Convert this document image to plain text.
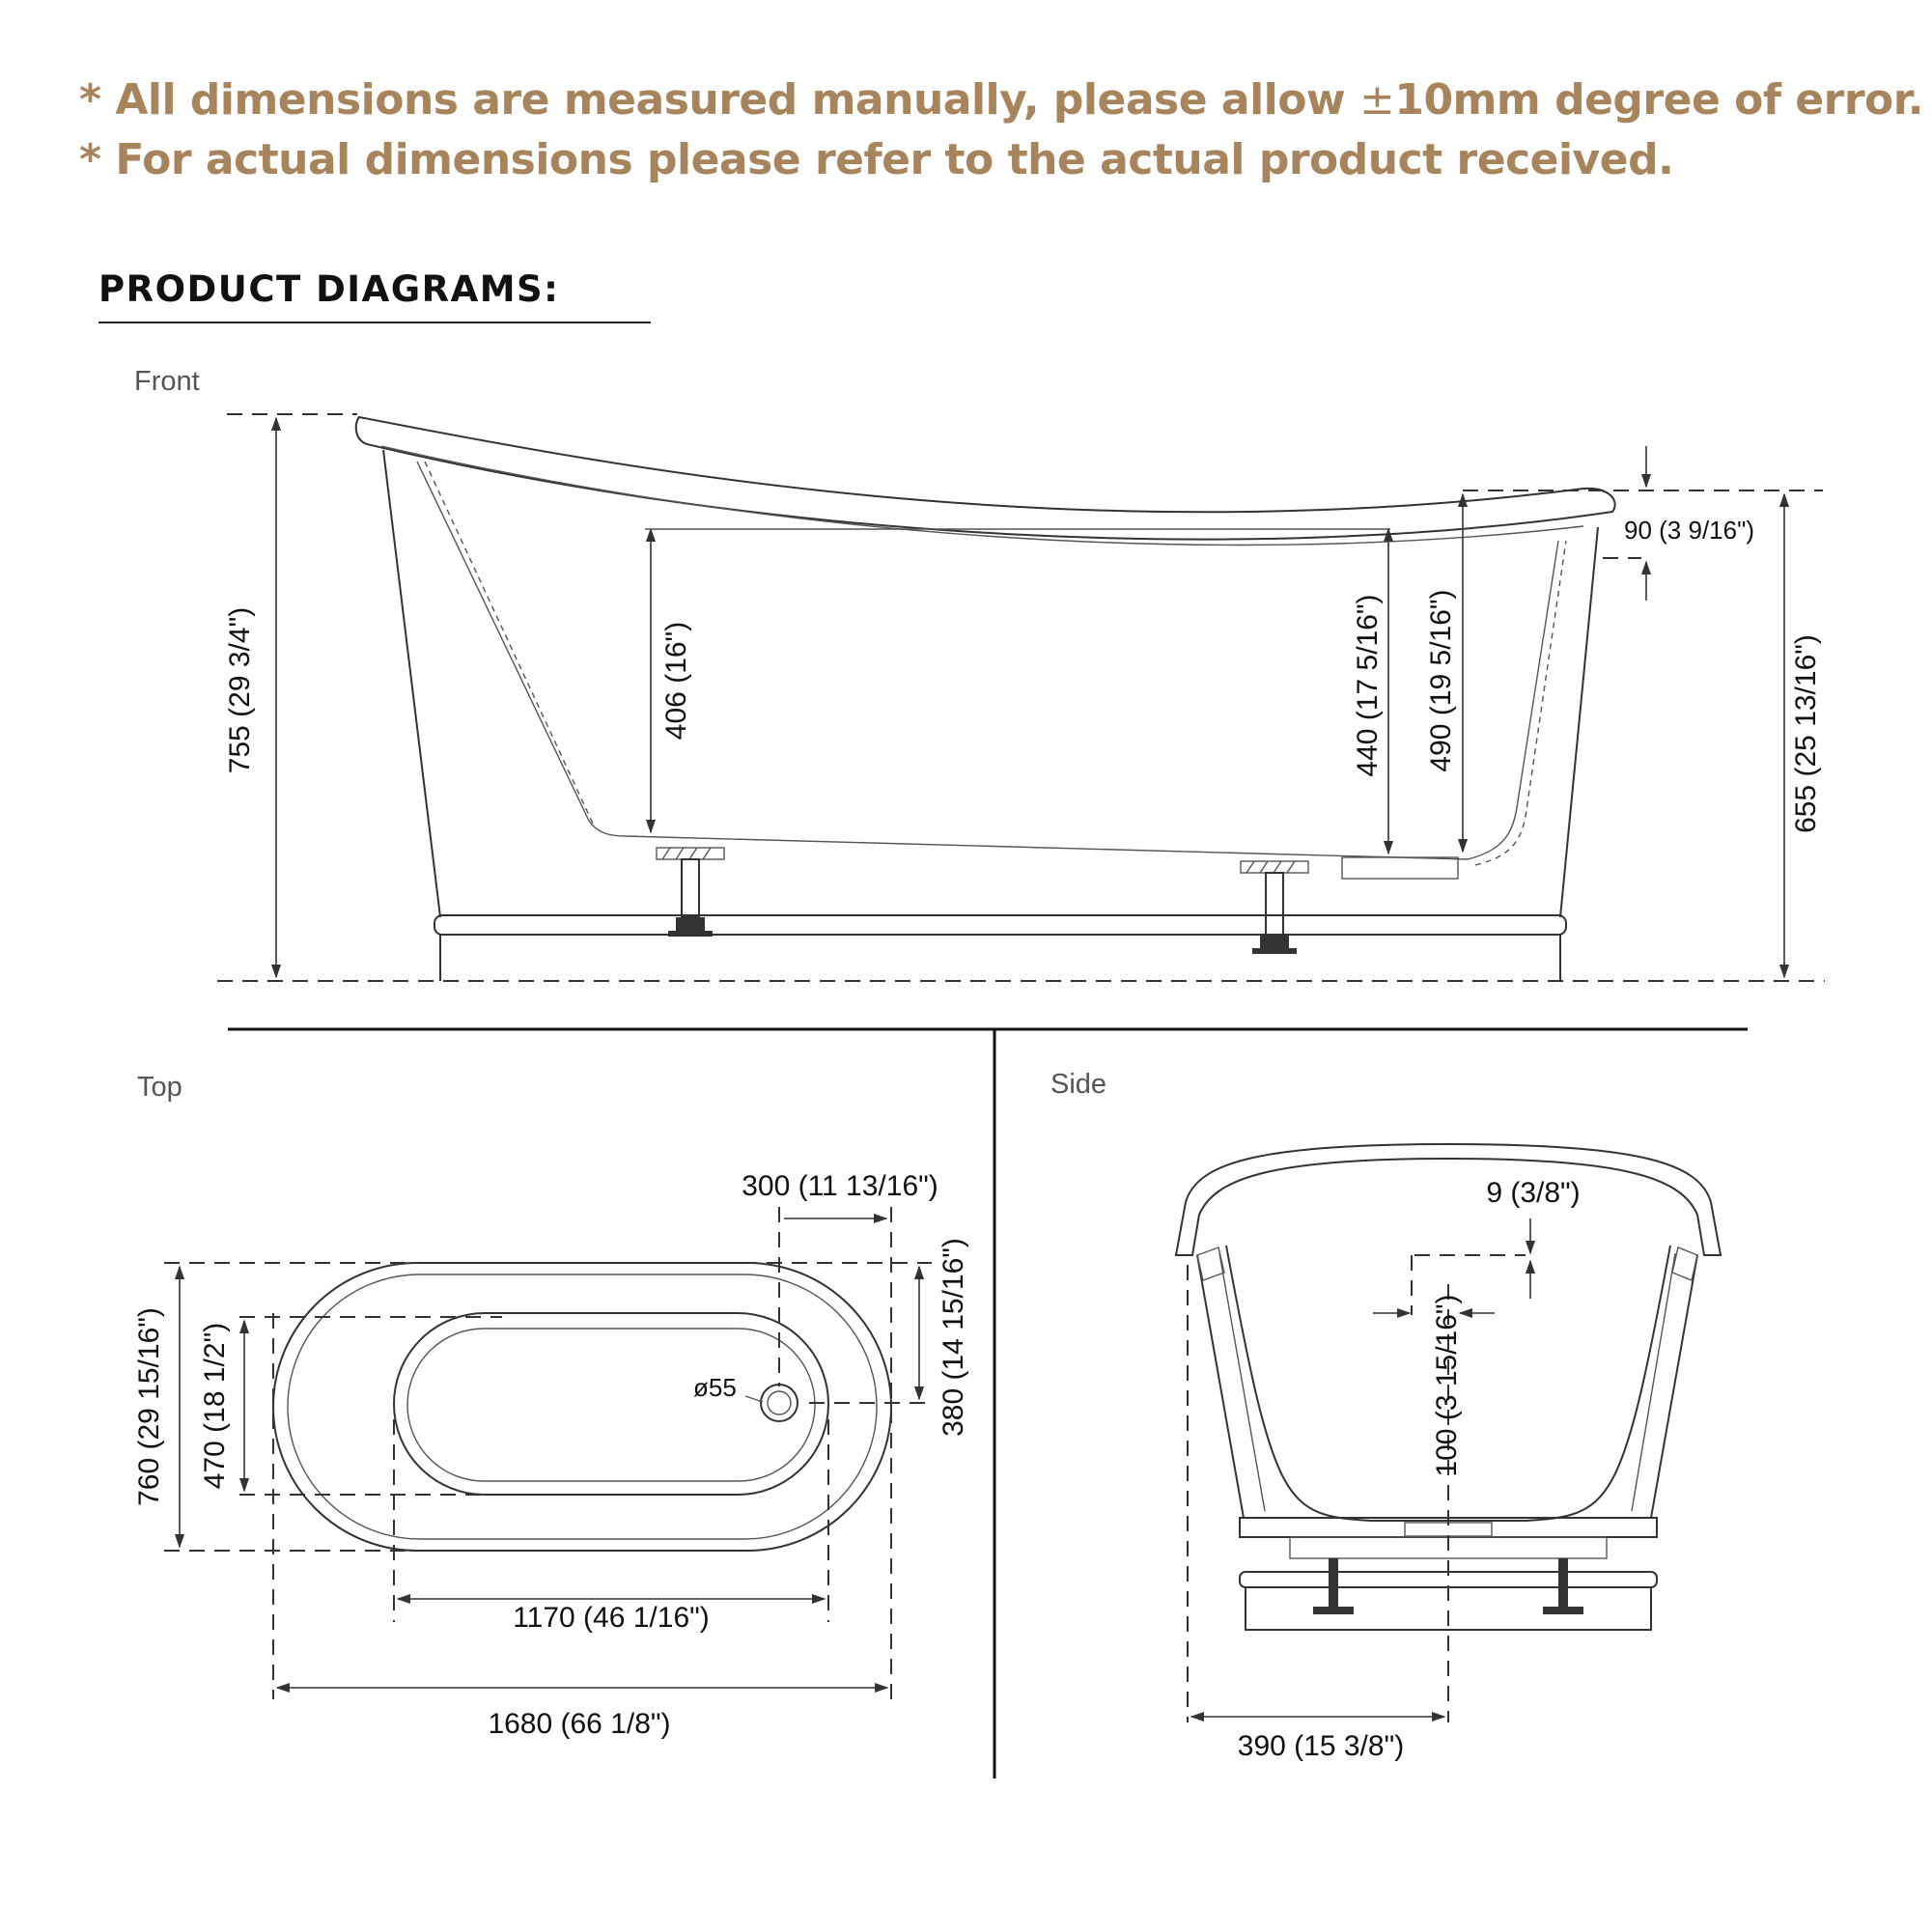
* All dimensions are measured manually, please allow ±10mm degree of error.
* For actual dimensions please refer to the actual product received.
PRODUCT DIAGRAMS:
Front
755 (29 3/4")	406 (16")	440 (17 5/16") 490 (19 5/16")
90 (3 9/16")
655 (25 13/16")
Top
ø55
300 (11 13/16")
380 (14 15/16")
760 (29 15/16") 470 (18 1/2")
1170 (46 1/16")
1680 (66 1/8")
Side
9 (3/8")
100 (3 15/16")
390 (15 3/8")
